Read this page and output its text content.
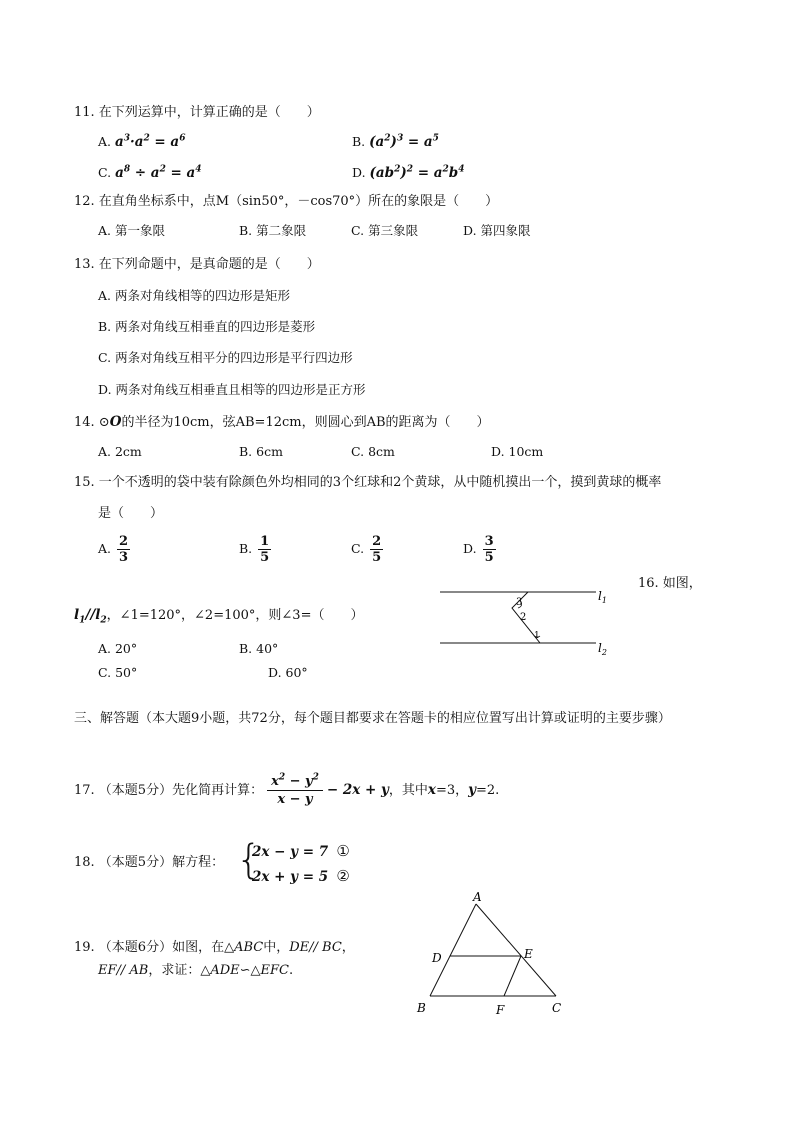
11. 在下列运算中，计算正确的是（　　）
A. $a^3\cdot a^2 = a^6$	B. $(a^2)^3 = a^5$
C. $a^8 \div a^2 = a^4$	D. $(ab^2)^2 = a^2b^4$
12. 在直角坐标系中，点M（sin50°，－cos70°）所在的象限是（　　）
A. 第一象限	B. 第二象限	C. 第三象限	D. 第四象限
13. 在下列命题中，是真命题的是（　　）
A. 两条对角线相等的四边形是矩形
B. 两条对角线互相垂直的四边形是菱形
C. 两条对角线互相平分的四边形是平行四边形
D. 两条对角线互相垂直且相等的四边形是正方形
14. ⊙O的半径为10cm，弦AB=12cm，则圆心到AB的距离为（　　）
A. 2cm	B. 6cm	C. 8cm	D. 10cm
15. 一个不透明的袋中装有除颜色外均相同的3个红球和2个黄球，从中随机摸出一个，摸到黄球的概率
是（　　）
A. $\frac{2}{3}$	B. $\frac{1}{5}$	C. $\frac{2}{5}$	D. $\frac{3}{5}$
16. 如图，
$l_1//l_2$，∠1=120°，∠2=100°，则∠3=（　　）
A. 20°	B. 40°
C. 50°	D. 60°
$l_1$
$l_2$
3
2
1
三、解答题（本大题9小题，共72分，每个题目都要求在答题卡的相应位置写出计算或证明的主要步骤）
17. （本题5分）先化简再计算： $\frac{x^2 - y^2}{x - y} - 2x + y$，其中x=3，y=2.
18. （本题5分）解方程： {
2x − y = 7 ①
2x + y = 5 ②
19. （本题6分）如图，在△ABC中，DE// BC，
EF// AB，求证：△ADE∽△EFC.
A
B	C
D	E
F
